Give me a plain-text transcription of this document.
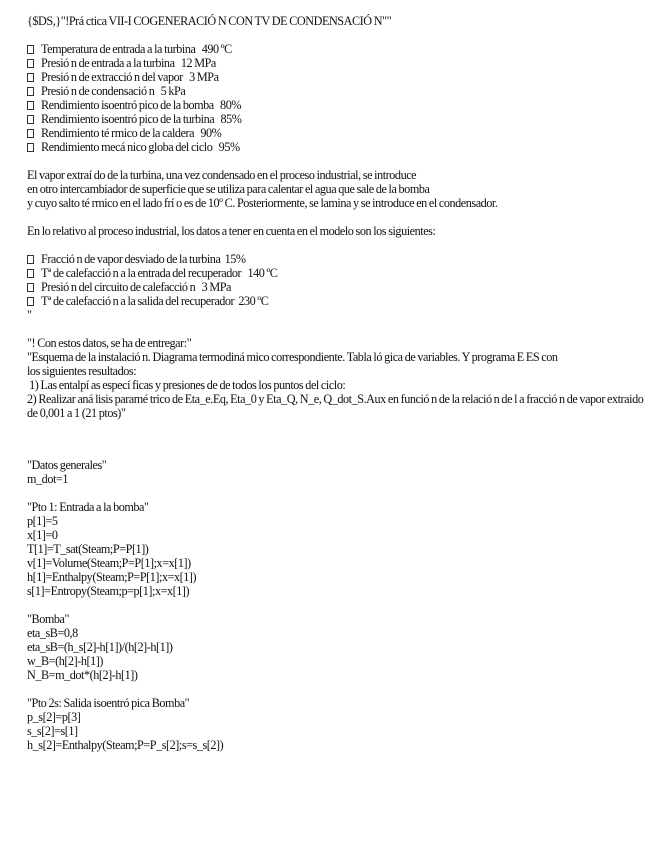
{$DS,}"!Prá ctica VII-I COGENERACIÓ N CON TV DE CONDENSACIÓ N""
Temperatura de entrada a la turbina   490 ºC
Presió n de entrada a la turbina   12 MPa
Presió n de extracció n del vapor   3 MPa
Presió n de condensació n   5 kPa
Rendimiento isoentró pico de la bomba   80%
Rendimiento isoentró pico de la turbina   85%
Rendimiento té rmico de la caldera   90%
Rendimiento mecá nico globa del ciclo   95%
El vapor extraí do de la turbina, una vez condensado en el proceso industrial, se introduce
en otro intercambiador de superficie que se utiliza para calentar el agua que sale de la bomba
y cuyo salto té rmico en el lado frí o es de 10º C. Posteriormente, se lamina y se introduce en el condensador.
En lo relativo al proceso industrial, los datos a tener en cuenta en el modelo son los siguientes:
Fracció n de vapor desviado de la turbina  15%
Tª de calefacció n a la entrada del recuperador   140 ºC
Presió n del circuito de calefacció n   3 MPa
Tª de calefacció n a la salida del recuperador  230 ºC
"
"! Con estos datos, se ha de entregar:"
"Esquema de la instalació n. Diagrama termodiná mico correspondiente. Tabla ló gica de variables. Y programa E ES con
los siguientes resultados:
1) Las entalpí as especí ficas y presiones de de todos los puntos del ciclo:
2) Realizar aná lisis paramé trico de Eta_e.Eq, Eta_0 y Eta_Q, N_e, Q_dot_S.Aux en funció n de la relació n de l a fracció n de vapor extraido de 0,001 a 1 (21 ptos)"
"Datos generales"
m_dot=1
"Pto 1: Entrada a la bomba"
p[1]=5
x[1]=0
T[1]=T_sat(Steam;P=P[1])
v[1]=Volume(Steam;P=P[1];x=x[1])
h[1]=Enthalpy(Steam;P=P[1];x=x[1])
s[1]=Entropy(Steam;p=p[1];x=x[1])
"Bomba"
eta_sB=0,8
eta_sB=(h_s[2]-h[1])/(h[2]-h[1])
w_B=(h[2]-h[1])
N_B=m_dot*(h[2]-h[1])
"Pto 2s: Salida isoentró pica Bomba"
p_s[2]=p[3]
s_s[2]=s[1]
h_s[2]=Enthalpy(Steam;P=P_s[2];s=s_s[2])
